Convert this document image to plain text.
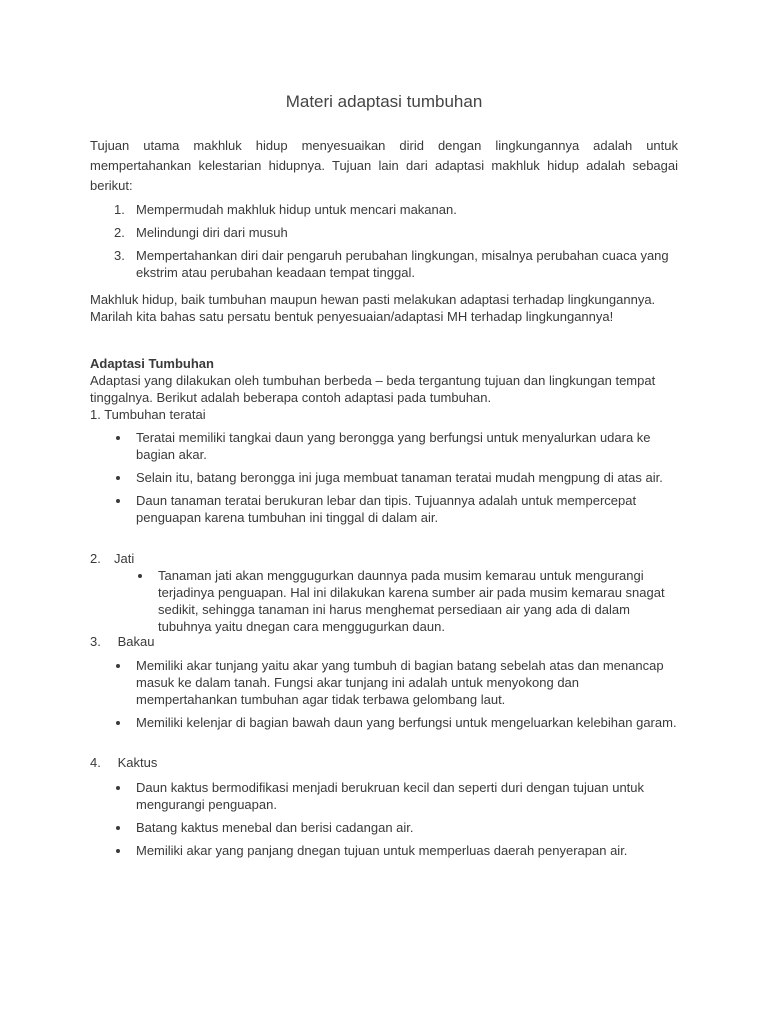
Materi adaptasi tumbuhan

Tujuan utama makhluk hidup menyesuaikan dirid dengan lingkungannya adalah untuk mempertahankan kelestarian hidupnya. Tujuan lain dari adaptasi makhluk hidup adalah sebagai berikut:

1. Mempermudah makhluk hidup untuk mencari makanan.
2. Melindungi diri dari musuh
3. Mempertahankan diri dair pengaruh perubahan lingkungan, misalnya perubahan cuaca yang ekstrim atau perubahan keadaan tempat tinggal.

Makhluk hidup, baik tumbuhan maupun hewan pasti melakukan adaptasi terhadap lingkungannya. Marilah kita bahas satu persatu bentuk penyesuaian/adaptasi MH terhadap lingkungannya!

Adaptasi Tumbuhan
Adaptasi yang dilakukan oleh tumbuhan berbeda – beda tergantung tujuan dan lingkungan tempat tinggalnya. Berikut adalah beberapa contoh adaptasi pada tumbuhan.
1. Tumbuhan teratai
Teratai memiliki tangkai daun yang berongga yang berfungsi untuk menyalurkan udara ke bagian akar.
Selain itu, batang berongga ini juga membuat tanaman teratai mudah mengpung di atas air.
Daun tanaman teratai berukuran lebar dan tipis. Tujuannya adalah untuk mempercepat penguapan karena tumbuhan ini tinggal di dalam air.
2. Jati
Tanaman jati akan menggugurkan daunnya pada musim kemarau untuk mengurangi terjadinya penguapan. Hal ini dilakukan karena sumber air pada musim kemarau snagat sedikit, sehingga tanaman ini harus menghemat persediaan air yang ada di dalam tubuhnya yaitu dnegan cara menggugurkan daun.
3. Bakau
Memiliki akar tunjang yaitu akar yang tumbuh di bagian batang sebelah atas dan menancap masuk ke dalam tanah. Fungsi akar tunjang ini adalah untuk menyokong dan mempertahankan tumbuhan agar tidak terbawa gelombang laut.
Memiliki kelenjar di bagian bawah daun yang berfungsi untuk mengeluarkan kelebihan garam.
4. Kaktus
Daun kaktus bermodifikasi menjadi berukruan kecil dan seperti duri dengan tujuan untuk mengurangi penguapan.
Batang kaktus menebal dan berisi cadangan air.
Memiliki akar yang panjang dnegan tujuan untuk memperluas daerah penyerapan air.
